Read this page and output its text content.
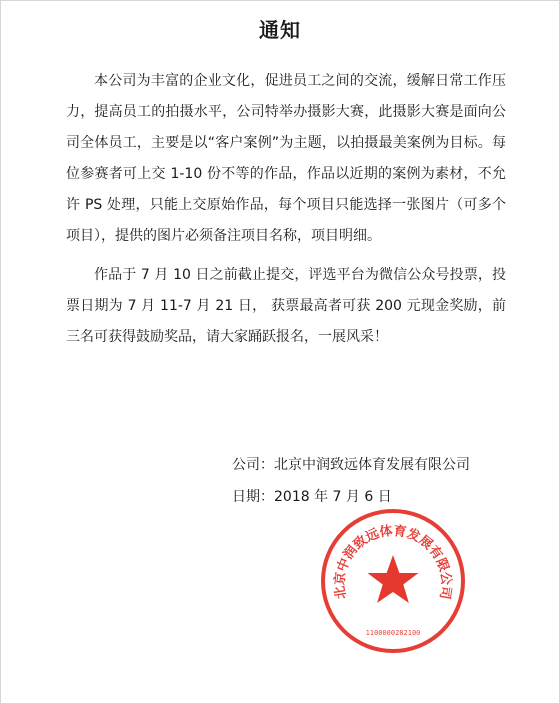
通知

本公司为丰富的企业文化，促进员工之间的交流，缓解日常工作压力，提高员工的拍摄水平，公司特举办摄影大赛，此摄影大赛是面向公司全体员工，主要是以“客户案例”为主题，以拍摄最美案例为目标。每位参赛者可上交 1-10 份不等的作品，作品以近期的案例为素材，不允许 PS 处理，只能上交原始作品，每个项目只能选择一张图片（可多个项目），提供的图片必须备注项目名称，项目明细。

作品于 7 月 10 日之前截止提交，评选平台为微信公众号投票，投票日期为 7 月 11-7 月 21 日， 获票最高者可获 200 元现金奖励，前三名可获得鼓励奖品，请大家踊跃报名，一展风采！

公司：北京中润致远体育发展有限公司
日期：2018 年 7 月 6 日
北京中润致远体育发展有限公司
1100000282100
